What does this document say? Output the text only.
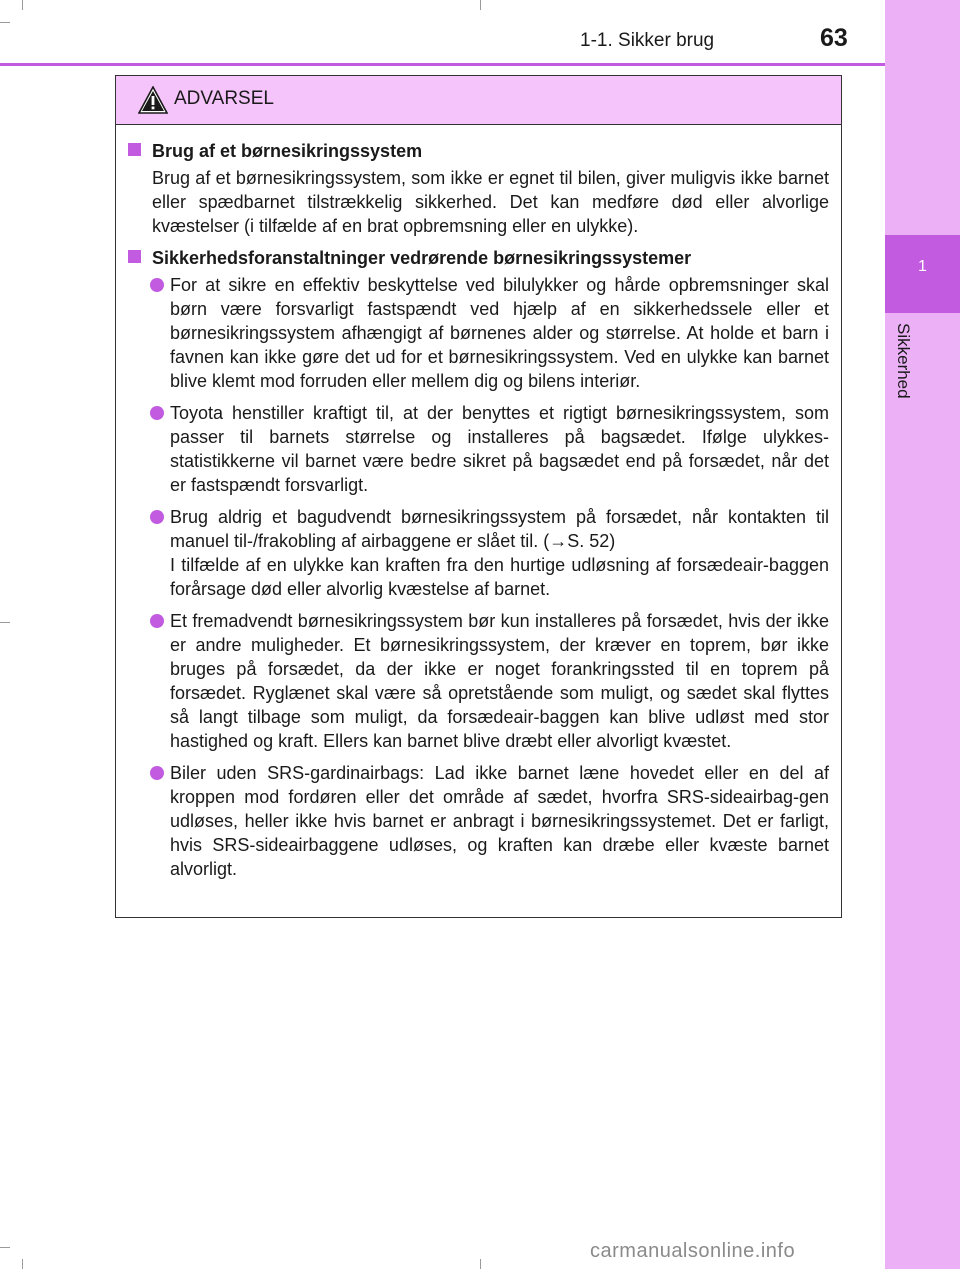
1
Sikkerhed
1-1. Sikker brug	63
ADVARSEL
Brug af et børnesikringssystem
Brug af et børnesikringssystem, som ikke er egnet til bilen, giver muligvis ikke barnet eller spædbarnet tilstrækkelig sikkerhed. Det kan medføre død eller alvorlige kvæstelser (i tilfælde af en brat opbremsning eller en ulykke).
Sikkerhedsforanstaltninger vedrørende børnesikringssystemer

For at sikre en effektiv beskyttelse ved bilulykker og hårde opbremsninger skal børn være forsvarligt fastspændt ved hjælp af en sikkerhedssele eller et børnesikringssystem afhængigt af børnenes alder og størrelse. At holde et barn i favnen kan ikke gøre det ud for et børnesikringssystem. Ved en ulykke kan barnet blive klemt mod forruden eller mellem dig og bilens interiør.

Toyota henstiller kraftigt til, at der benyttes et rigtigt børnesikringssystem, som passer til barnets størrelse og installeres på bagsædet. Ifølge ulykkes-statistikkerne vil barnet være bedre sikret på bagsædet end på forsædet, når det er fastspændt forsvarligt.

Brug aldrig et bagudvendt børnesikringssystem på forsædet, når kontakten til manuel til-/frakobling af airbaggene er slået til. (→S. 52)

I tilfælde af en ulykke kan kraften fra den hurtige udløsning af forsædeair-baggen forårsage død eller alvorlig kvæstelse af barnet.

Et fremadvendt børnesikringssystem bør kun installeres på forsædet, hvis der ikke er andre muligheder. Et børnesikringssystem, der kræver en toprem, bør ikke bruges på forsædet, da der ikke er noget forankringssted til en toprem på forsædet. Ryglænet skal være så opretstående som muligt, og sædet skal flyttes så langt tilbage som muligt, da forsædeair-baggen kan blive udløst med stor hastighed og kraft. Ellers kan barnet blive dræbt eller alvorligt kvæstet.

Biler uden SRS-gardinairbags: Lad ikke barnet læne hovedet eller en del af kroppen mod fordøren eller det område af sædet, hvorfra SRS-sideairbag-gen udløses, heller ikke hvis barnet er anbragt i børnesikringssystemet. Det er farligt, hvis SRS-sideairbaggene udløses, og kraften kan dræbe eller kvæste barnet alvorligt.

carmanualsonline.info
